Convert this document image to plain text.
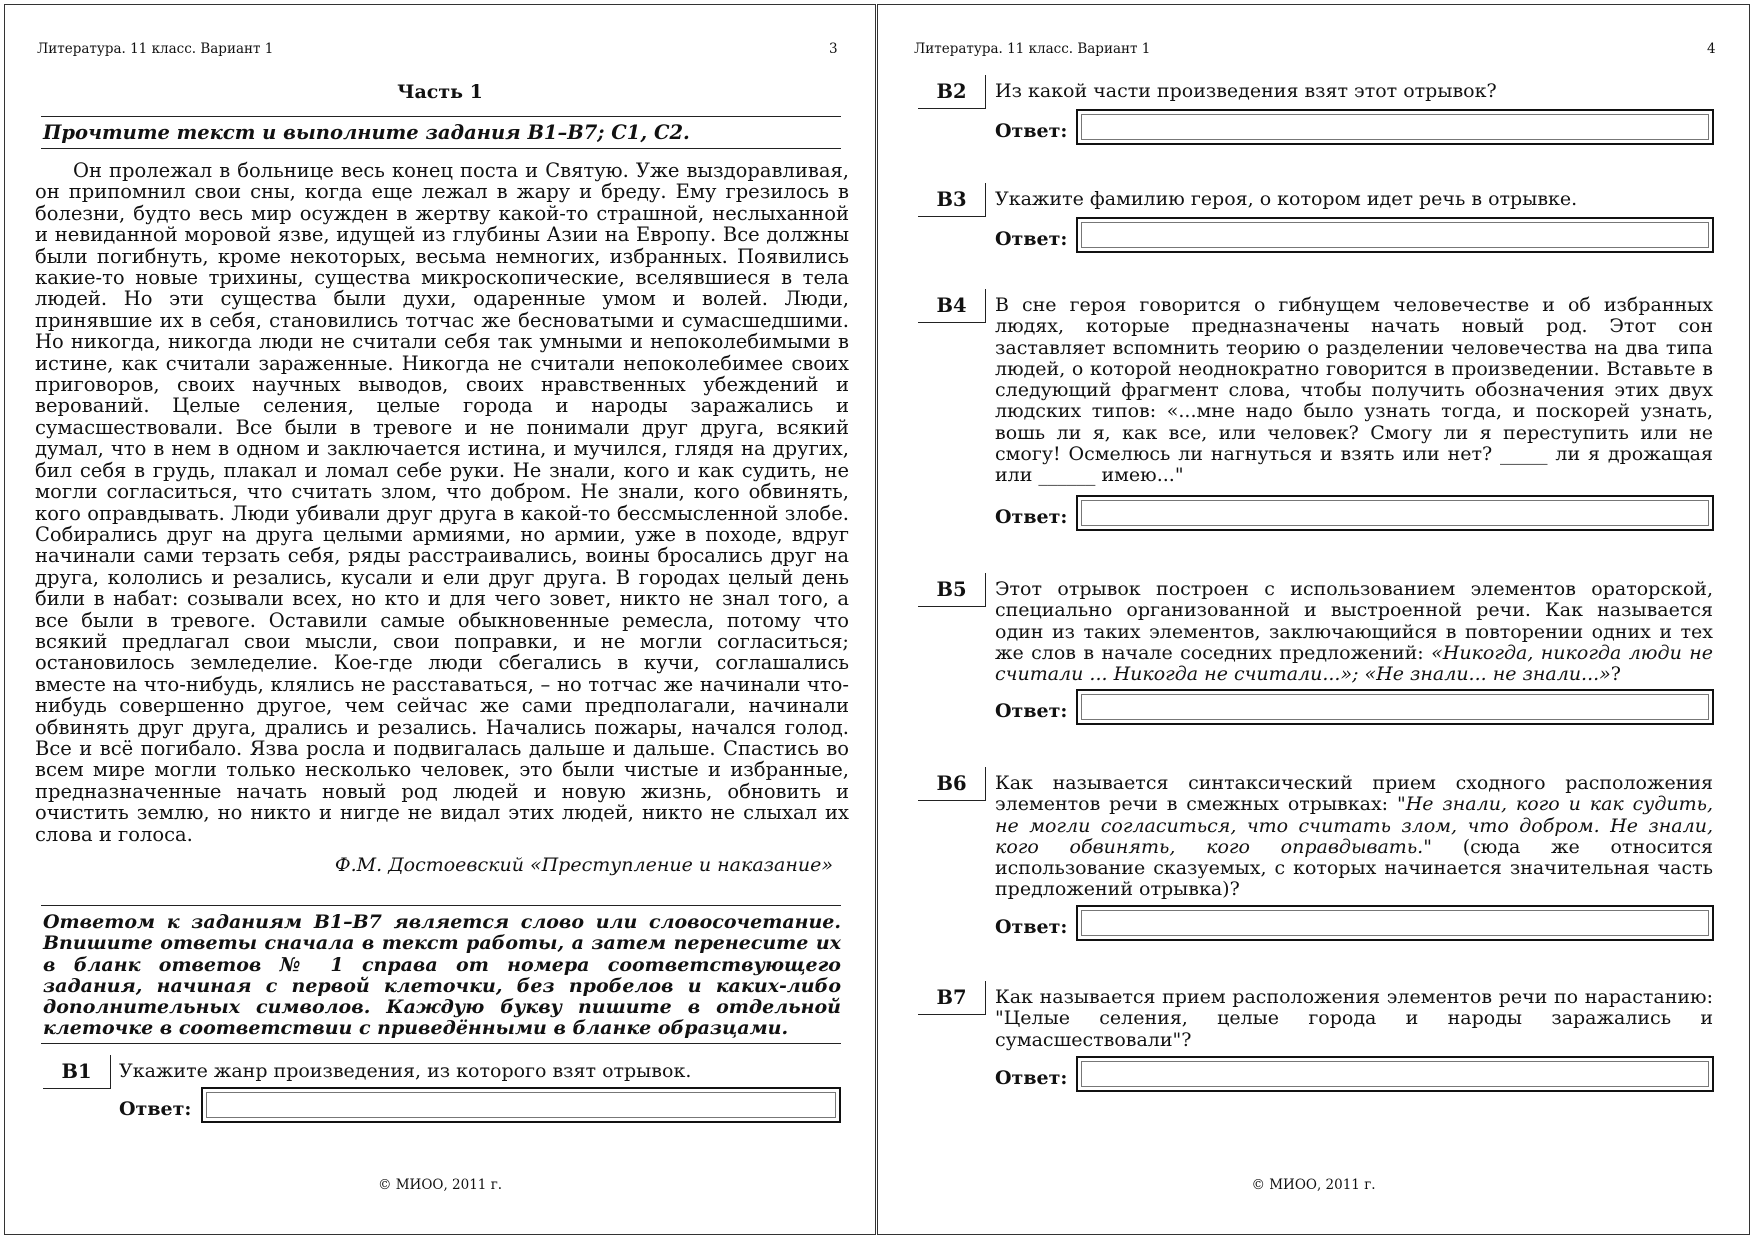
Литература. 11 класс. Вариант 1	3
Часть 1
Прочтите текст и выполните задания B1–B7; C1, C2.

Он пролежал в больнице весь конец поста и Святую. Уже выздоравливая, он припомнил свои сны, когда еще лежал в жару и бреду. Ему грезилось в болезни, будто весь мир осужден в жертву какой-то страшной, неслыханной и невиданной моровой язве, идущей из глубины Азии на Европу. Все должны были погибнуть, кроме некоторых, весьма немногих, избранных. Появились какие-то новые трихины, существа микроскопические, вселявшиеся в тела людей. Но эти существа были духи, одаренные умом и волей. Люди, принявшие их в себя, становились тотчас же бесноватыми и сумасшедшими. Но никогда, никогда люди не считали себя так умными и непоколебимыми в истине, как считали зараженные. Никогда не считали непоколебимее своих приговоров, своих научных выводов, своих нравственных убеждений и верований. Целые селения, целые города и народы заражались и сумасшествовали. Все были в тревоге и не понимали друг друга, всякий думал, что в нем в одном и заключается истина, и мучился, глядя на других, бил себя в грудь, плакал и ломал себе руки. Не знали, кого и как судить, не могли согласиться, что считать злом, что добром. Не знали, кого обвинять, кого оправдывать. Люди убивали друг друга в какой-то бессмысленной злобе. Собирались друг на друга целыми армиями, но армии, уже в походе, вдруг начинали сами терзать себя, ряды расстраивались, воины бросались друг на друга, кололись и резались, кусали и ели друг друга. В городах целый день били в набат: созывали всех, но кто и для чего зовет, никто не знал того, а все были в тревоге. Оставили самые обыкновенные ремесла, потому что всякий предлагал свои мысли, свои поправки, и не могли согласиться; остановилось земледелие. Кое-где люди сбегались в кучи, соглашались вместе на что-нибудь, клялись не расставаться, – но тотчас же начинали что-нибудь совершенно другое, чем сейчас же сами предполагали, начинали обвинять друг друга, дрались и резались. Начались пожары, начался голод. Все и всё погибало. Язва росла и подвигалась дальше и дальше. Спастись во всем мире могли только несколько человек, это были чистые и избранные, предназначенные начать новый род людей и новую жизнь, обновить и очистить землю, но никто и нигде не видал этих людей, никто не слыхал их слова и голоса.

Ф.М. Достоевский «Преступление и наказание»

Ответом к заданиям В1–В7 является слово или словосочетание. Впишите ответы сначала в текст работы, а затем перенесите их в бланк ответов № 1 справа от номера соответствующего задания, начиная с первой клеточки, без пробелов и каких-либо дополнительных символов. Каждую букву пишите в отдельной клеточке в соответствии с приведёнными в бланке образцами.

В1	Укажите жанр произведения, из которого взят отрывок.
Ответ:
© МИОО, 2011 г.
Литература. 11 класс. Вариант 1	4
В2	Из какой части произведения взят этот отрывок?
Ответ:
В3	Укажите фамилию героя, о котором идет речь в отрывке.
Ответ:
В4	В сне героя говорится о гибнущем человечестве и об избранных людях, которые предназначены начать новый род. Этот сон заставляет вспомнить теорию о разделении человечества на два типа людей, о которой неоднократно говорится в произведении. Вставьте в следующий фрагмент слова, чтобы получить обозначения этих двух людских типов: «...мне надо было узнать тогда, и поскорей узнать, вошь ли я, как все, или человек? Смогу ли я переступить или не смогу! Осмелюсь ли нагнуться и взять или нет? _____ ли я дрожащая или ______ имею..."
Ответ:
В5	Этот отрывок построен с использованием элементов ораторской, специально организованной и выстроенной речи. Как называется один из таких элементов, заключающийся в повторении одних и тех же слов в начале соседних предложений: «Никогда, никогда люди не считали ... Никогда не считали...»; «Не знали... не знали...»?

Ответ:
В6	Как называется синтаксический прием сходного расположения элементов речи в смежных отрывках: "Не знали, кого и как судить, не могли согласиться, что считать злом, что добром. Не знали, кого обвинять, кого оправдывать." (сюда же относится использование сказуемых, с которых начинается значительная часть предложений отрывка)?

Ответ:
В7	Как называется прием расположения элементов речи по нарастанию: "Целые селения, целые города и народы заражались и сумасшествовали"?
Ответ:
© МИОО, 2011 г.
